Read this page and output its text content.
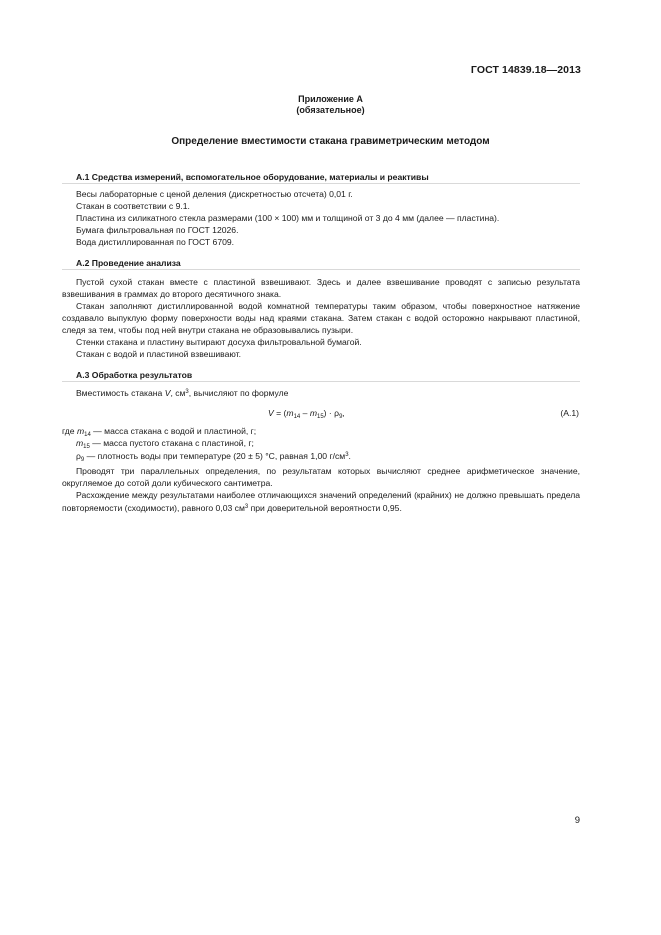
ГОСТ 14839.18—2013
Приложение А
(обязательное)
Определение вместимости стакана гравиметрическим методом
А.1 Средства измерений, вспомогательное оборудование, материалы и реактивы
Весы лабораторные с ценой деления (дискретностью отсчета) 0,01 г.
Стакан в соответствии с 9.1.
Пластина из силикатного стекла размерами (100 × 100) мм и толщиной от 3 до 4 мм (далее — пластина).
Бумага фильтровальная по ГОСТ 12026.
Вода дистиллированная по ГОСТ 6709.
А.2 Проведение анализа
Пустой сухой стакан вместе с пластиной взвешивают. Здесь и далее взвешивание проводят с записью результата взвешивания в граммах до второго десятичного знака.
Стакан заполняют дистиллированной водой комнатной температуры таким образом, чтобы поверхностное натяжение создавало выпуклую форму поверхности воды над краями стакана. Затем стакан с водой осторожно накрывают пластиной, следя за тем, чтобы под ней внутри стакана не образовывались пузыри.
Стенки стакана и пластину вытирают досуха фильтровальной бумагой.
Стакан с водой и пластиной взвешивают.
А.3 Обработка результатов
Вместимость стакана V, $см^3$, вычисляют по формуле
$V = (m_{14} - m_{15}) \cdot \rho_9$,	(А.1)
где $m_{14}$ — масса стакана с водой и пластиной, г;
$m_{15}$ — масса пустого стакана с пластиной, г;
$\rho_9$ — плотность воды при температуре (20 ± 5) °С, равная 1,00 $г/см^3$.
Проводят три параллельных определения, по результатам которых вычисляют среднее арифметическое значение, округляемое до сотой доли кубического сантиметра.
Расхождение между результатами наиболее отличающихся значений определений (крайних) не должно превышать предела повторяемости (сходимости), равного 0,03 $см^3$ при доверительной вероятности 0,95.
9
